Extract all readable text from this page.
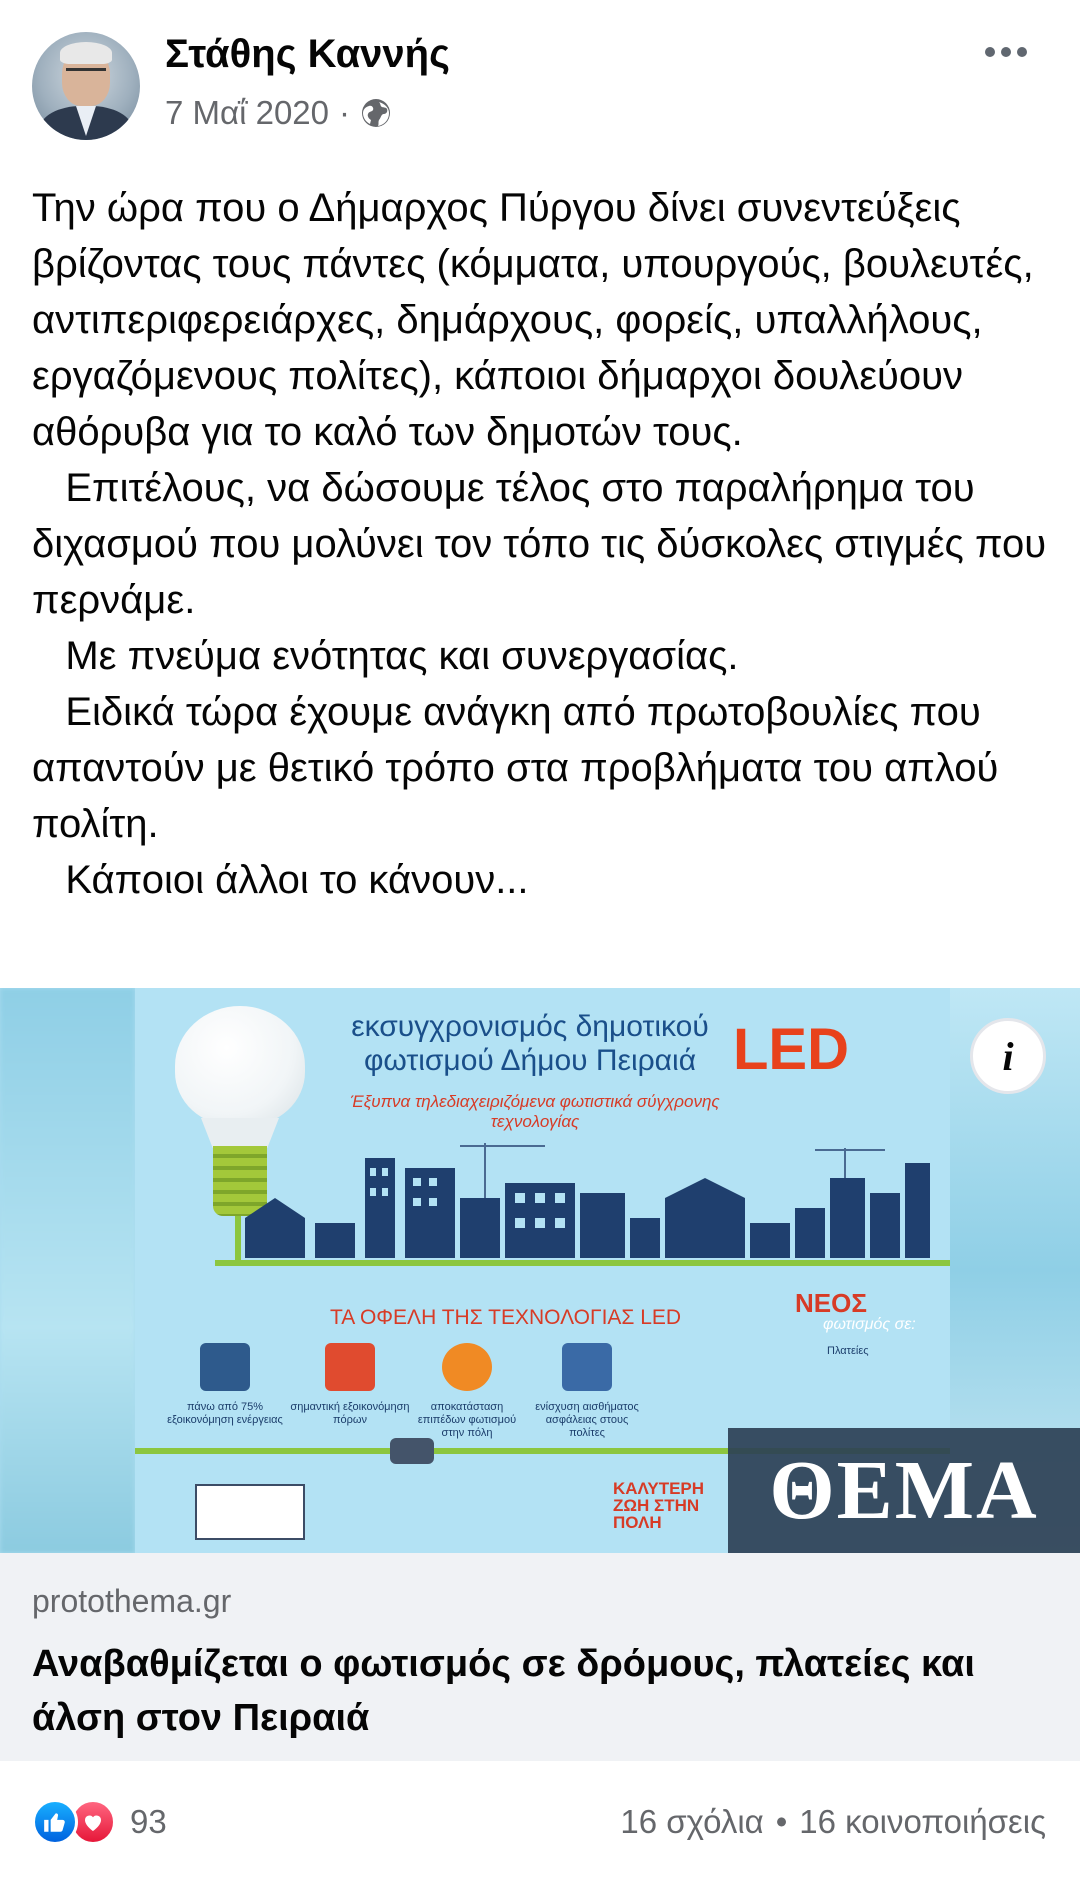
Στάθης Καννής
7 Μαΐ 2020 ·

Την ώρα που ο Δήμαρχος Πύργου δίνει συνεντεύξεις βρίζοντας τους πάντες (κόμματα, υπουργούς, βουλευτές, αντιπεριφερειάρχες, δημάρχους, φορείς, υπαλλήλους, εργαζόμενους πολίτες), κάποιοι δήμαρχοι δουλεύουν αθόρυβα για το καλό των δημοτών τους.

Επιτέλους, να δώσουμε τέλος στο παραλήρημα του διχασμού που μολύνει τον τόπο τις δύσκολες στιγμές που περνάμε.

Με πνεύμα ενότητας και συνεργασίας.

Ειδικά τώρα έχουμε ανάγκη από πρωτοβουλίες που απαντούν με θετικό τρόπο στα προβλήματα του απλού πολίτη.

Κάποιοι άλλοι το κάνουν...

εκσυγχρονισμός δημοτικού
φωτισμού Δήμου Πειραιά LED
Έξυπνα τηλεδιαχειριζόμενα φωτιστικά σύγχρονης τεχνολογίας
ΤΑ ΟΦΕΛΗ ΤΗΣ ΤΕΧΝΟΛΟΓΙΑΣ LED
πάνω από 75% εξοικονόμηση ενέργειας
σημαντική εξοικονόμηση πόρων
αποκατάσταση επιπέδων φωτισμού στην πόλη
ενίσχυση αισθήματος ασφάλειας στους πολίτες
ΝΕΟΣ
φωτισμός σε:
Πλατείες
ΚΑΛΥΤΕΡΗ ΖΩΗ ΣΤΗΝ ΠΟΛΗ	ΘΕΜΑ
i
protothema.gr
Αναβαθμίζεται ο φωτισμός σε δρόμους, πλατείες και άλση στον Πειραιά
93	16 σχόλια • 16 κοινοποιήσεις
